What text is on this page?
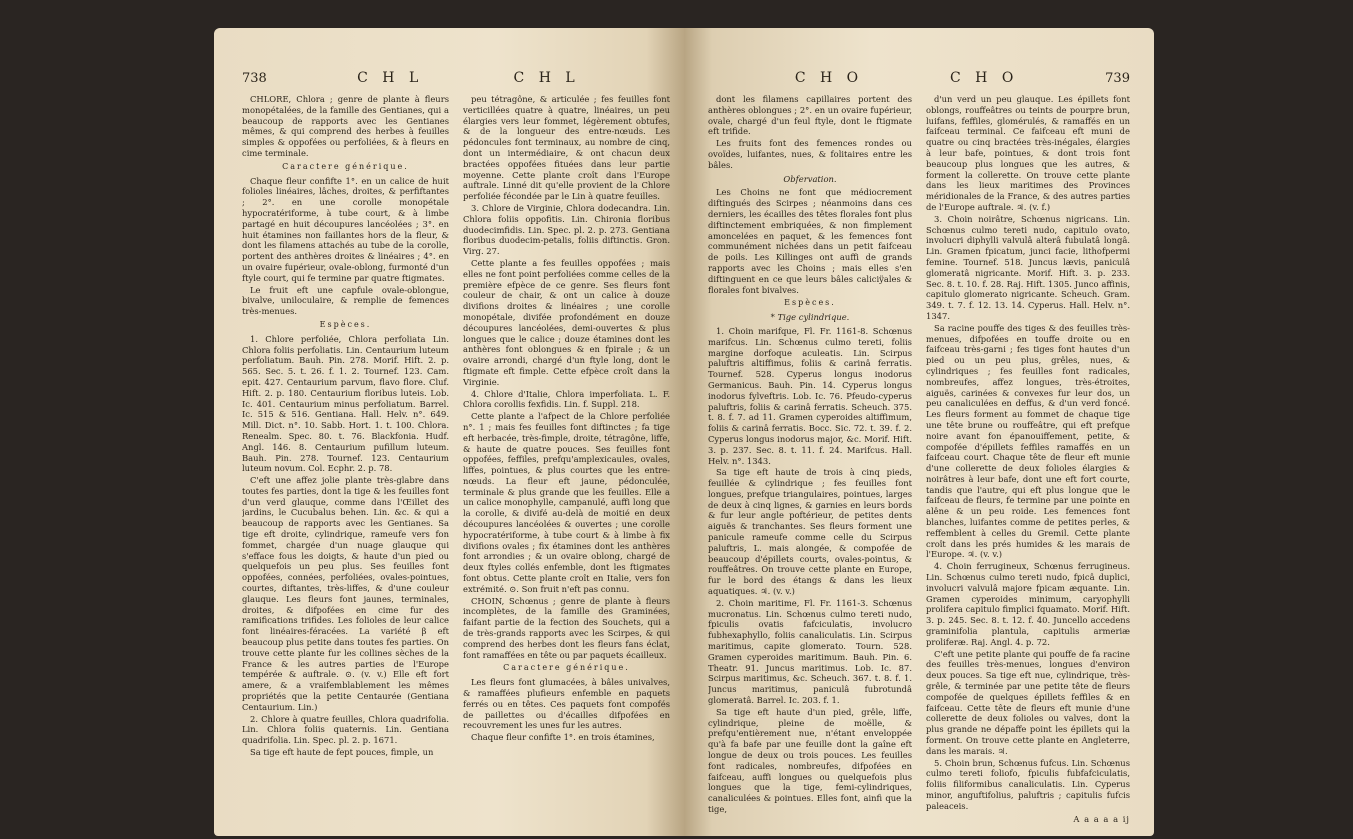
738	C H L	C H L

CHLORE, Chlora ; genre de plante à fleurs monopétalées, de la famille des Gentianes, qui a beaucoup de rapports avec les Gentianes mêmes, & qui comprend des herbes à feuilles simples & oppofées ou perfoliées, & à fleurs en cime terminale.

Caractere générique.

Chaque fleur confifte 1°. en un calice de huit folioles linéaires, lâches, droites, & perfiftantes ; 2°. en une corolle monopétale hypocratériforme, à tube court, & à limbe partagé en huit découpures lancéolées ; 3°. en huit étamines non faillantes hors de la fleur, & dont les filamens attachés au tube de la corolle, portent des anthères droites & linéaires ; 4°. en un ovaire fupérieur, ovale-oblong, furmonté d'un ftyle court, qui fe termine par quatre ftigmates.

Le fruit eft une capfule ovale-oblongue, bivalve, uniloculaire, & remplie de femences très-menues.

Espèces.

1. Chlore perfoliée, Chlora perfoliata Lin. Chlora foliis perfoliatis. Lin. Centaurium luteum perfoliatum. Bauh. Pin. 278. Morif. Hift. 2. p. 565. Sec. 5. t. 26. f. 1. 2. Tournef. 123. Cam. epit. 427. Centaurium parvum, flavo flore. Cluf. Hift. 2. p. 180. Centaurium floribus luteis. Lob. Ic. 401. Centaurium minus perfoliatum. Barrel. Ic. 515 & 516. Gentiana. Hall. Helv. n°. 649. Mill. Dict. n°. 10. Sabb. Hort. 1. t. 100. Chlora. Renealm. Spec. 80. t. 76. Blackfonia. Hudf. Angl. 146. 8. Centaurium pufillum luteum. Bauh. Pin. 278. Tournef. 123. Centaurium luteum novum. Col. Ecphr. 2. p. 78.

C'eft une affez jolie plante très-glabre dans toutes fes parties, dont la tige & les feuilles font d'un verd glauque, comme dans l'Œillet des jardins, le Cucubalus behen. Lin. &c. & qui a beaucoup de rapports avec les Gentianes. Sa tige eft droite, cylindrique, rameufe vers fon fommet, chargée d'un nuage glauque qui s'efface fous les doigts, & haute d'un pied ou quelquefois un peu plus. Ses feuilles font oppofées, connées, perfoliées, ovales-pointues, courtes, diftantes, très-liffes, & d'une couleur glauque. Les fleurs font jaunes, terminales, droites, & difpofées en cime fur des ramifications trifides. Les folioles de leur calice font linéaires-féracées. La variété β eft beaucoup plus petite dans toutes fes parties. On trouve cette plante fur les collines sèches de la France & les autres parties de l'Europe tempérée & auftrale. ⊙. (v. v.) Elle eft fort amere, & a vraifemblablement les mêmes propriétés que la petite Centaurée (Gentiana Centaurium. Lin.)

2. Chlore à quatre feuilles, Chlora quadrifolia. Lin. Chlora foliis quaternis. Lin. Gentiana quadrifolia. Lin. Spec. pl. 2. p. 1671.

Sa tige eft haute de fept pouces, fimple, un

peu tétragône, & articulée ; fes feuilles font verticillées quatre à quatre, linéaires, un peu élargies vers leur fommet, légèrement obtufes, & de la longueur des entre-nœuds. Les pédoncules font terminaux, au nombre de cinq, dont un intermédiaire, & ont chacun deux bractées oppofées fituées dans leur partie moyenne. Cette plante croît dans l'Europe auftrale. Linné dit qu'elle provient de la Chlore perfoliée fécondée par le Lin à quatre feuilles.

3. Chlore de Virginie, Chlora dodecandra. Lin. Chlora foliis oppofitis. Lin. Chironia floribus duodecimfidis. Lin. Spec. pl. 2. p. 273. Gentiana floribus duodecim-petalis, foliis diftinctis. Gron. Virg. 27.

Cette plante a fes feuilles oppofées ; mais elles ne font point perfoliées comme celles de la première efpèce de ce genre. Ses fleurs font couleur de chair, & ont un calice à douze divifions droites & linéaires ; une corolle monopétale, divifée profondément en douze découpures lancéolées, demi-ouvertes & plus longues que le calice ; douze étamines dont les anthères font oblongues & en fpirale ; & un ovaire arrondi, chargé d'un ftyle long, dont le ftigmate eft fimple. Cette efpèce croît dans la Virginie.

4. Chlore d'Italie, Chlora imperfoliata. L. F. Chlora corollis fexfidis. Lin. f. Suppl. 218.

Cette plante a l'afpect de la Chlore perfoliée n°. 1 ; mais fes feuilles font diftinctes ; fa tige eft herbacée, très-fimple, droite, tétragône, liffe, & haute de quatre pouces. Ses feuilles font oppofées, feffiles, prefqu'amplexicaules, ovales, liffes, pointues, & plus courtes que les entre-nœuds. La fleur eft jaune, pédonculée, terminale & plus grande que les feuilles. Elle a un calice monophylle, campanulé, auffi long que la corolle, & divifé au-delà de moitié en deux découpures lancéolées & ouvertes ; une corolle hypocratériforme, à tube court & à limbe à fix divifions ovales ; fix étamines dont les anthères font arrondies ; & un ovaire oblong, chargé de deux ftyles collés enfemble, dont les ftigmates font obtus. Cette plante croît en Italie, vers fon extrémité. ⊙. Son fruit n'eft pas connu.

CHOIN, Schœnus ; genre de plante à fleurs incomplètes, de la famille des Graminées, faifant partie de la fection des Souchets, qui a de très-grands rapports avec les Scirpes, & qui comprend des herbes dont les fleurs fans éclat, font ramaffées en tête ou par paquets écailleux.

Caractere générique.

Les fleurs font glumacées, à bâles univalves, & ramaffées plufieurs enfemble en paquets ferrés ou en têtes. Ces paquets font compofés de paillettes ou d'écailles difpofées en recouvrement les unes fur les autres.

Chaque fleur confifte 1°. en trois étamines,

C H O	C H O	739

dont les filamens capillaires portent des anthères oblongues ; 2°. en un ovaire fupérieur, ovale, chargé d'un feul ftyle, dont le ftigmate eft trifide.

Les fruits font des femences rondes ou ovoïdes, luifantes, nues, & folitaires entre les bâles.

Obfervation.

Les Choins ne font que médiocrement diftingués des Scirpes ; néanmoins dans ces derniers, les écailles des têtes florales font plus diftinctement embriquées, & non fimplement amoncelées en paquet, & les femences font communément nichées dans un petit faifceau de poils. Les Killinges ont auffi de grands rapports avec les Choins ; mais elles s'en diftinguent en ce que leurs bâles caliciÿales & florales font bivalves.

Espèces.

* Tige cylindrique.

1. Choin marifque, Fl. Fr. 1161-8. Schœnus marifcus. Lin. Schœnus culmo tereti, foliis margine dorfoque aculeatis. Lin. Scirpus paluftris altiffimus, foliis & carinâ ferratis. Tournef. 528. Cyperus longus inodorus Germanicus. Bauh. Pin. 14. Cyperus longus inodorus fylveftris. Lob. Ic. 76. Pfeudo-cyperus paluftris, foliis & carinâ ferratis. Scheuch. 375. t. 8. f. 7. ad 11. Gramen cyperoides altiffimum, foliis & carinâ ferratis. Bocc. Sic. 72. t. 39. f. 2. Cyperus longus inodorus major, &c. Morif. Hift. 3. p. 237. Sec. 8. t. 11. f. 24. Marifcus. Hall. Helv. n°. 1343.

Sa tige eft haute de trois à cinq pieds, feuillée & cylindrique ; fes feuilles font longues, prefque triangulaires, pointues, larges de deux à cinq lignes, & garnies en leurs bords & fur leur angle poftérieur, de petites dents aiguës & tranchantes. Ses fleurs forment une panicule rameufe comme celle du Scirpus paluftris, L. mais alongée, & compofée de beaucoup d'épillets courts, ovales-pointus, & rouffeâtres. On trouve cette plante en Europe, fur le bord des étangs & dans les lieux aquatiques. ♃. (v. v.)

2. Choin maritime, Fl. Fr. 1161-3. Schœnus mucronatus. Lin. Schœnus culmo tereti nudo, fpiculis ovatis fafciculatis, involucro fubhexaphyllo, foliis canaliculatis. Lin. Scirpus maritimus, capite glomerato. Tourn. 528. Gramen cyperoides maritimum. Bauh. Pin. 6. Theatr. 91. Juncus maritimus. Lob. Ic. 87. Scirpus maritimus, &c. Scheuch. 367. t. 8. f. 1. Juncus maritimus, paniculâ fubrotundâ glomeratâ. Barrel. Ic. 203. f. 1.

Sa tige eft haute d'un pied, grêle, liffe, cylindrique, pleine de moëlle, & prefqu'entièrement nue, n'étant enveloppée qu'à fa bafe par une feuille dont la gaîne eft longue de deux ou trois pouces. Les feuilles font radicales, nombreufes, difpofées en faifceau, auffi longues ou quelquefois plus longues que la tige, femi-cylindriques, canaliculées & pointues. Elles font, ainfi que la tige,

d'un verd un peu glauque. Les épillets font oblongs, rouffeâtres ou teints de pourpre brun, luifans, feffiles, glomérulés, & ramaffés en un faifceau terminal. Ce faifceau eft muni de quatre ou cinq bractées très-inégales, élargies à leur bafe, pointues, & dont trois font beaucoup plus longues que les autres, & forment la collerette. On trouve cette plante dans les lieux maritimes des Provinces méridionales de la France, & des autres parties de l'Europe auftrale. ♃. (v. f.)

3. Choin noirâtre, Schœnus nigricans. Lin. Schœnus culmo tereti nudo, capitulo ovato, involucri diphylli valvulâ alterâ fubulatâ longâ. Lin. Gramen fpicatum, junci facie, lithofpermi femine. Tournef. 518. Juncus lævis, paniculâ glomeratâ nigricante. Morif. Hift. 3. p. 233. Sec. 8. t. 10. f. 28. Raj. Hift. 1305. Junco affinis, capitulo glomerato nigricante. Scheuch. Gram. 349. t. 7. f. 12. 13. 14. Cyperus. Hall. Helv. n°. 1347.

Sa racine pouffe des tiges & des feuilles très-menues, difpofées en touffe droite ou en faifceau très-garni ; fes tiges font hautes d'un pied ou un peu plus, grêles, nues, & cylindriques ; fes feuilles font radicales, nombreufes, affez longues, très-étroites, aiguës, carinées & convexes fur leur dos, un peu canaliculées en deffus, & d'un verd foncé. Les fleurs forment au fommet de chaque tige une tête brune ou rouffeâtre, qui eft prefque noire avant fon épanouiffement, petite, & compofée d'épillets feffiles ramaffés en un faifceau court. Chaque tête de fleur eft munie d'une collerette de deux folioles élargies & noirâtres à leur bafe, dont une eft fort courte, tandis que l'autre, qui eft plus longue que le faifceau de fleurs, fe termine par une pointe en alêne & un peu roide. Les femences font blanches, luifantes comme de petites perles, & reffemblent à celles du Gremil. Cette plante croît dans les prés humides & les marais de l'Europe. ♃. (v. v.)

4. Choin ferrugineux, Schœnus ferrugineus. Lin. Schœnus culmo tereti nudo, fpicâ duplici, involucri valvulâ majore fpicam æquante. Lin. Gramen cyperoides minimum, caryophylli prolifera capitulo fimplici fquamato. Morif. Hift. 3. p. 245. Sec. 8. t. 12. f. 40. Juncello accedens graminifolia plantula, capitulis armeriæ proliferæ. Raj. Angl. 4. p. 72.

C'eft une petite plante qui pouffe de fa racine des feuilles très-menues, longues d'environ deux pouces. Sa tige eft nue, cylindrique, très-grêle, & terminée par une petite tête de fleurs compofée de quelques épillets feffiles & en faifceau. Cette tête de fleurs eft munie d'une collerette de deux folioles ou valves, dont la plus grande ne dépaffe point les épillets qui la forment. On trouve cette plante en Angleterre, dans les marais. ♃.

5. Choin brun, Schœnus fufcus. Lin. Schœnus culmo tereti foliofo, fpiculis fubfafciculatis, foliis filiformibus canaliculatis. Lin. Cyperus minor, anguftifolius, paluftris ; capitulis fufcis paleaceis.

A a a a a ij
